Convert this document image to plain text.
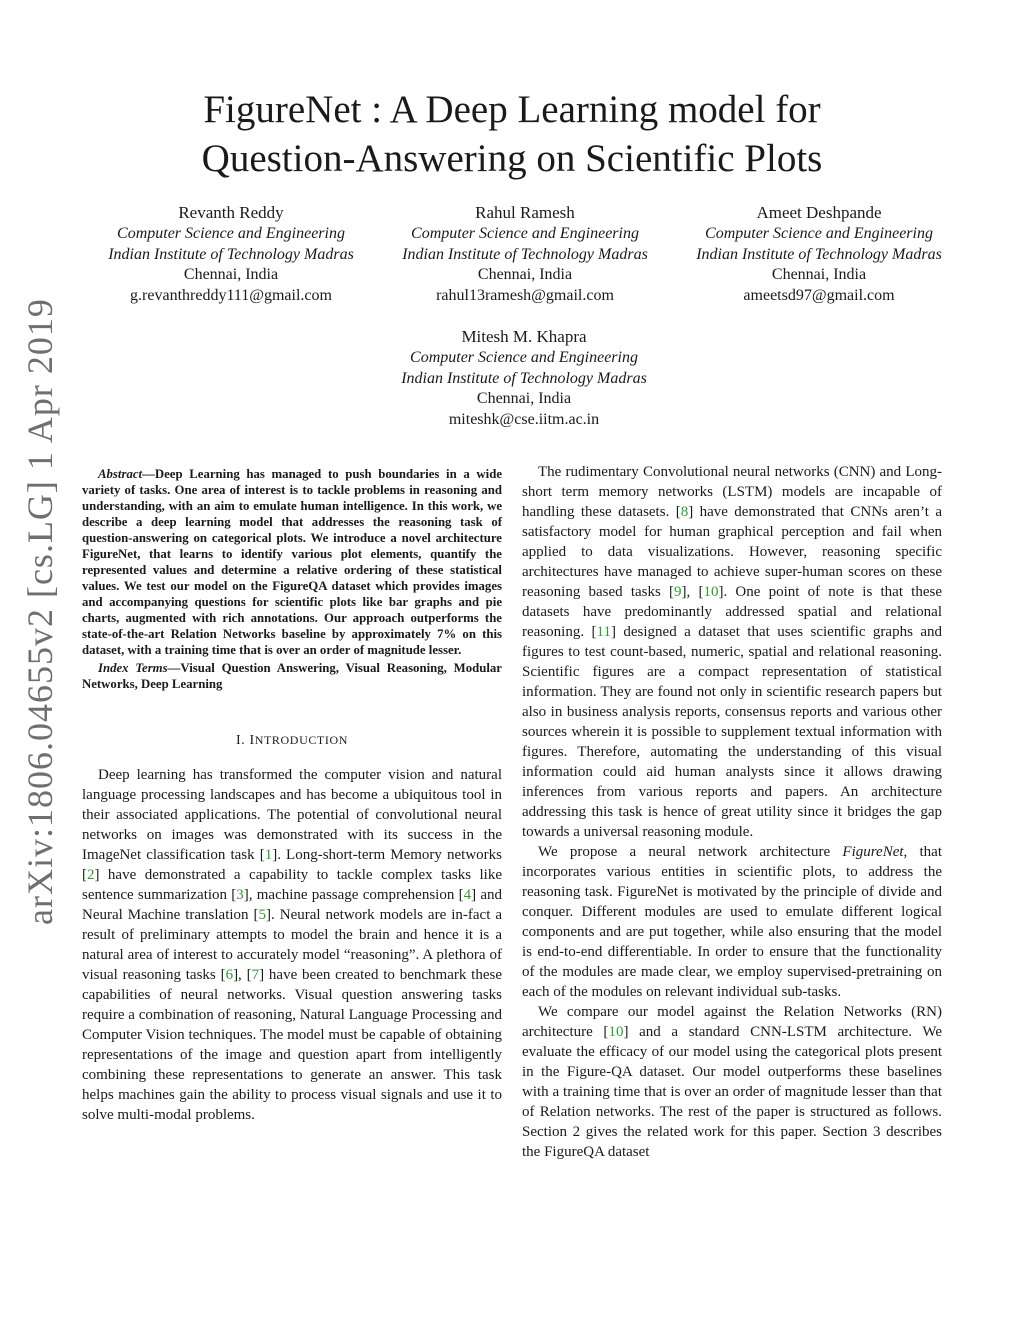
arXiv:1806.04655v2 [cs.LG] 1 Apr 2019
FigureNet : A Deep Learning model for
Question-Answering on Scientific Plots
Revanth Reddy
Computer Science and Engineering
Indian Institute of Technology Madras
Chennai, India
g.revanthreddy111@gmail.com
Rahul Ramesh
Computer Science and Engineering
Indian Institute of Technology Madras
Chennai, India
rahul13ramesh@gmail.com
Ameet Deshpande
Computer Science and Engineering
Indian Institute of Technology Madras
Chennai, India
ameetsd97@gmail.com
Mitesh M. Khapra
Computer Science and Engineering
Indian Institute of Technology Madras
Chennai, India
miteshk@cse.iitm.ac.in

Abstract—Deep Learning has managed to push boundaries in a wide variety of tasks. One area of interest is to tackle problems in reasoning and understanding, with an aim to emulate human intelligence. In this work, we describe a deep learning model that addresses the reasoning task of question-answering on categorical plots. We introduce a novel architecture FigureNet, that learns to identify various plot elements, quantify the represented values and determine a relative ordering of these statistical values. We test our model on the FigureQA dataset which provides images and accompanying questions for scientific plots like bar graphs and pie charts, augmented with rich annotations. Our approach outperforms the state-of-the-art Relation Networks baseline by approximately 7% on this dataset, with a training time that is over an order of magnitude lesser.

Index Terms—Visual Question Answering, Visual Reasoning, Modular Networks, Deep Learning

I. INTRODUCTION

Deep learning has transformed the computer vision and natural language processing landscapes and has become a ubiquitous tool in their associated applications. The potential of convolutional neural networks on images was demonstrated with its success in the ImageNet classification task [1]. Long-short-term Memory networks [2] have demonstrated a capability to tackle complex tasks like sentence summarization [3], machine passage comprehension [4] and Neural Machine translation [5]. Neural network models are in-fact a result of preliminary attempts to model the brain and hence it is a natural area of interest to accurately model “reasoning”. A plethora of visual reasoning tasks [6], [7] have been created to benchmark these capabilities of neural networks. Visual question answering tasks require a combination of reasoning, Natural Language Processing and Computer Vision techniques. The model must be capable of obtaining representations of the image and question apart from intelligently combining these representations to generate an answer. This task helps machines gain the ability to process visual signals and use it to solve multi-modal problems.

The rudimentary Convolutional neural networks (CNN) and Long-short term memory networks (LSTM) models are incapable of handling these datasets. [8] have demonstrated that CNNs aren’t a satisfactory model for human graphical perception and fail when applied to data visualizations. However, reasoning specific architectures have managed to achieve super-human scores on these reasoning based tasks [9], [10]. One point of note is that these datasets have predominantly addressed spatial and relational reasoning. [11] designed a dataset that uses scientific graphs and figures to test count-based, numeric, spatial and relational reasoning. Scientific figures are a compact representation of statistical information. They are found not only in scientific research papers but also in business analysis reports, consensus reports and various other sources wherein it is possible to supplement textual information with figures. Therefore, automating the understanding of this visual information could aid human analysts since it allows drawing inferences from various reports and papers. An architecture addressing this task is hence of great utility since it bridges the gap towards a universal reasoning module.

We propose a neural network architecture FigureNet, that incorporates various entities in scientific plots, to address the reasoning task. FigureNet is motivated by the principle of divide and conquer. Different modules are used to emulate different logical components and are put together, while also ensuring that the model is end-to-end differentiable. In order to ensure that the functionality of the modules are made clear, we employ supervised-pretraining on each of the modules on relevant individual sub-tasks.

We compare our model against the Relation Networks (RN) architecture [10] and a standard CNN-LSTM architecture. We evaluate the efficacy of our model using the categorical plots present in the Figure-QA dataset. Our model outperforms these baselines with a training time that is over an order of magnitude lesser than that of Relation networks. The rest of the paper is structured as follows. Section 2 gives the related work for this paper. Section 3 describes the FigureQA dataset
